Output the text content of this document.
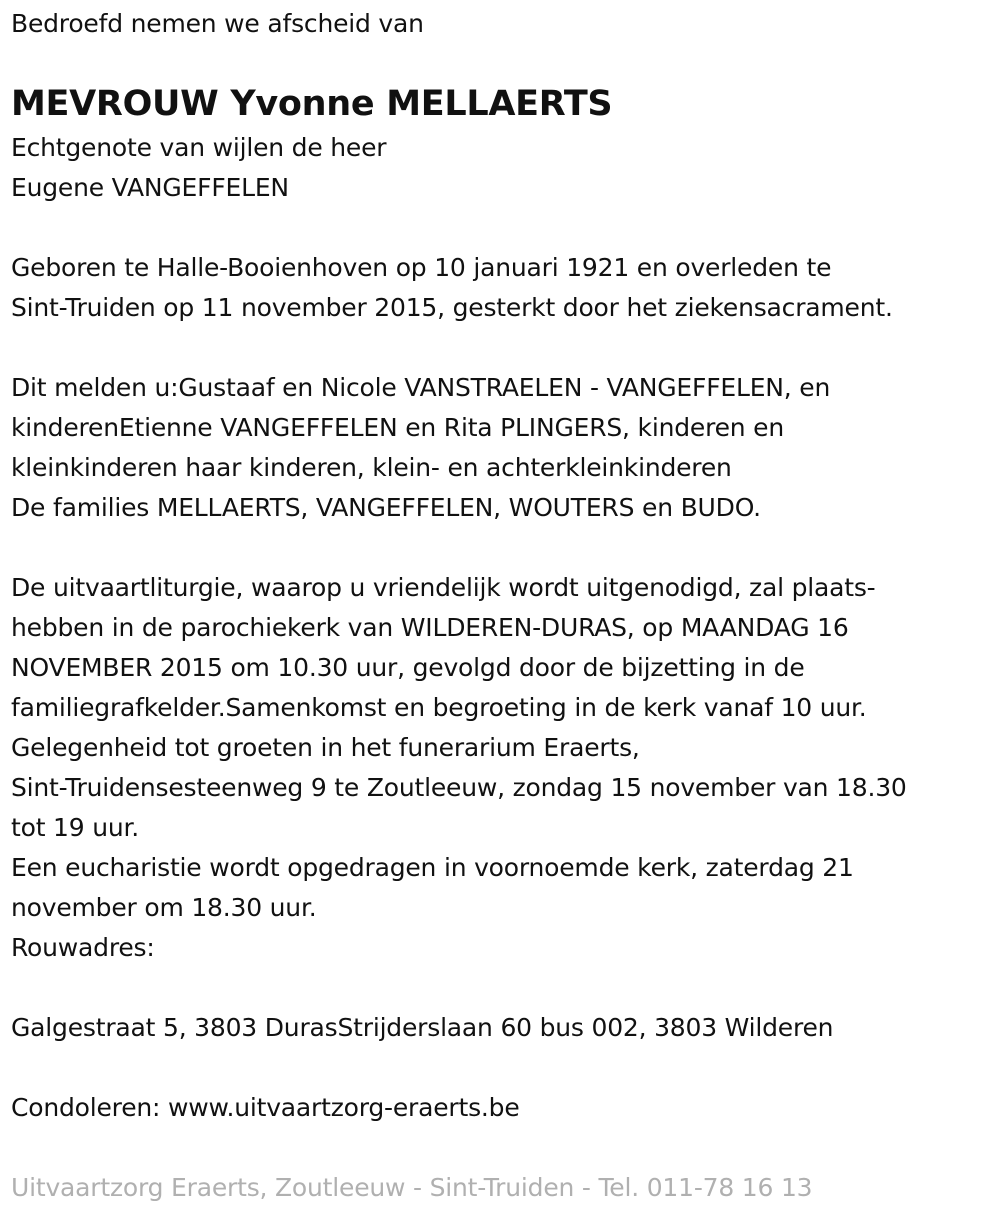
Bedroefd nemen we afscheid van
MEVROUW Yvonne MELLAERTS
Echtgenote van wijlen de heer
Eugene VANGEFFELEN
Geboren te Halle-Booienhoven op 10 januari 1921 en overleden te
Sint-Truiden op 11 november 2015, gesterkt door het ziekensacrament.
Dit melden u:Gustaaf en Nicole VANSTRAELEN - VANGEFFELEN, en
kinderenEtienne VANGEFFELEN en Rita PLINGERS, kinderen en
kleinkinderen haar kinderen, klein- en achterkleinkinderen
De families MELLAERTS, VANGEFFELEN, WOUTERS en BUDO.
De uitvaartliturgie, waarop u vriendelijk wordt uitgenodigd, zal plaats-
hebben in de parochiekerk van WILDEREN-DURAS, op MAANDAG 16
NOVEMBER 2015 om 10.30 uur, gevolgd door de bijzetting in de
familiegrafkelder.Samenkomst en begroeting in de kerk vanaf 10 uur.
Gelegenheid tot groeten in het funerarium Eraerts,
Sint-Truidensesteenweg 9 te Zoutleeuw, zondag 15 november van 18.30
tot 19 uur.
Een eucharistie wordt opgedragen in voornoemde kerk, zaterdag 21
november om 18.30 uur.
Rouwadres:
Galgestraat 5, 3803 DurasStrijderslaan 60 bus 002, 3803 Wilderen
Condoleren: www.uitvaartzorg-eraerts.be
Uitvaartzorg Eraerts, Zoutleeuw - Sint-Truiden - Tel. 011-78 16 13
